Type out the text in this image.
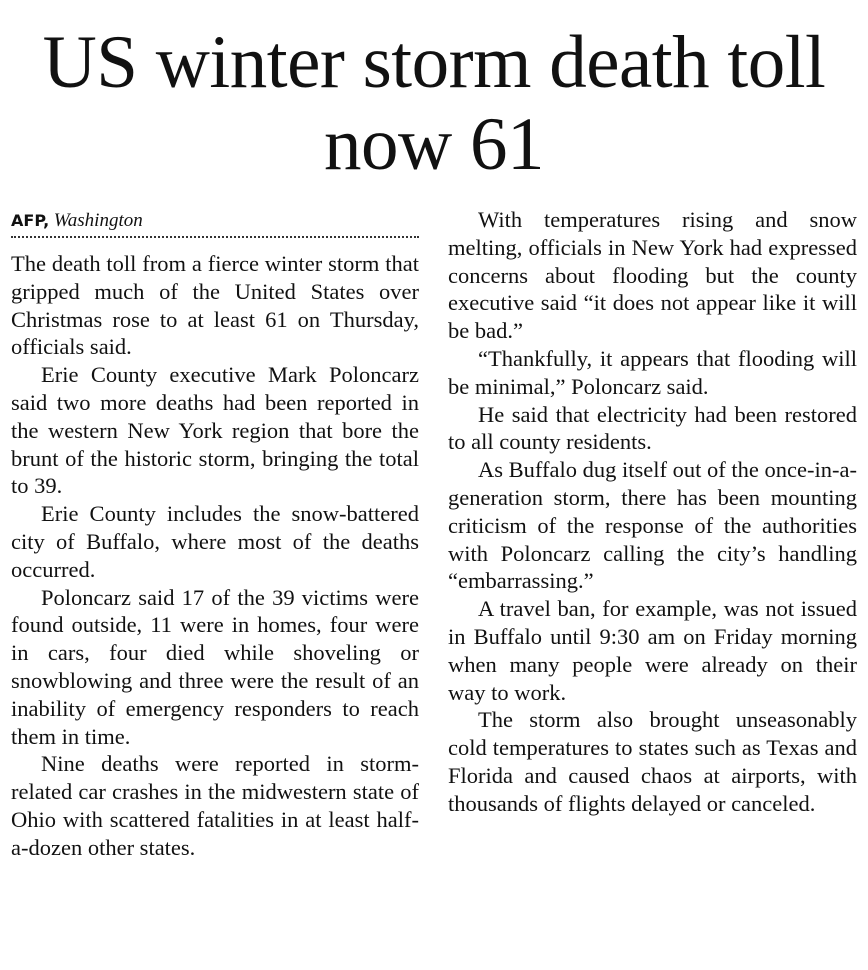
US winter storm death toll now 61
AFP, Washington

The death toll from a fierce winter storm that gripped much of the United States over Christmas rose to at least 61 on Thursday, officials said.

Erie County executive Mark Poloncarz said two more deaths had been reported in the western New York region that bore the brunt of the historic storm, bringing the total to 39.

Erie County includes the snow-battered city of Buffalo, where most of the deaths occurred.

Poloncarz said 17 of the 39 victims were found outside, 11 were in homes, four were in cars, four died while shoveling or snowblowing and three were the result of an inability of emergency responders to reach them in time.

Nine deaths were reported in storm-related car crashes in the midwestern state of Ohio with scattered fatalities in at least half-a-dozen other states.

With temperatures rising and snow melting, officials in New York had expressed concerns about flooding but the county executive said “it does not appear like it will be bad.”

“Thankfully, it appears that flooding will be minimal,” Poloncarz said.

He said that electricity had been restored to all county residents.

As Buffalo dug itself out of the once-in-a-generation storm, there has been mounting criticism of the response of the authorities with Poloncarz calling the city’s handling “embarrassing.”

A travel ban, for example, was not issued in Buffalo until 9:30 am on Friday morning when many people were already on their way to work.

The storm also brought unseasonably cold temperatures to states such as Texas and Florida and caused chaos at airports, with thousands of flights delayed or canceled.
